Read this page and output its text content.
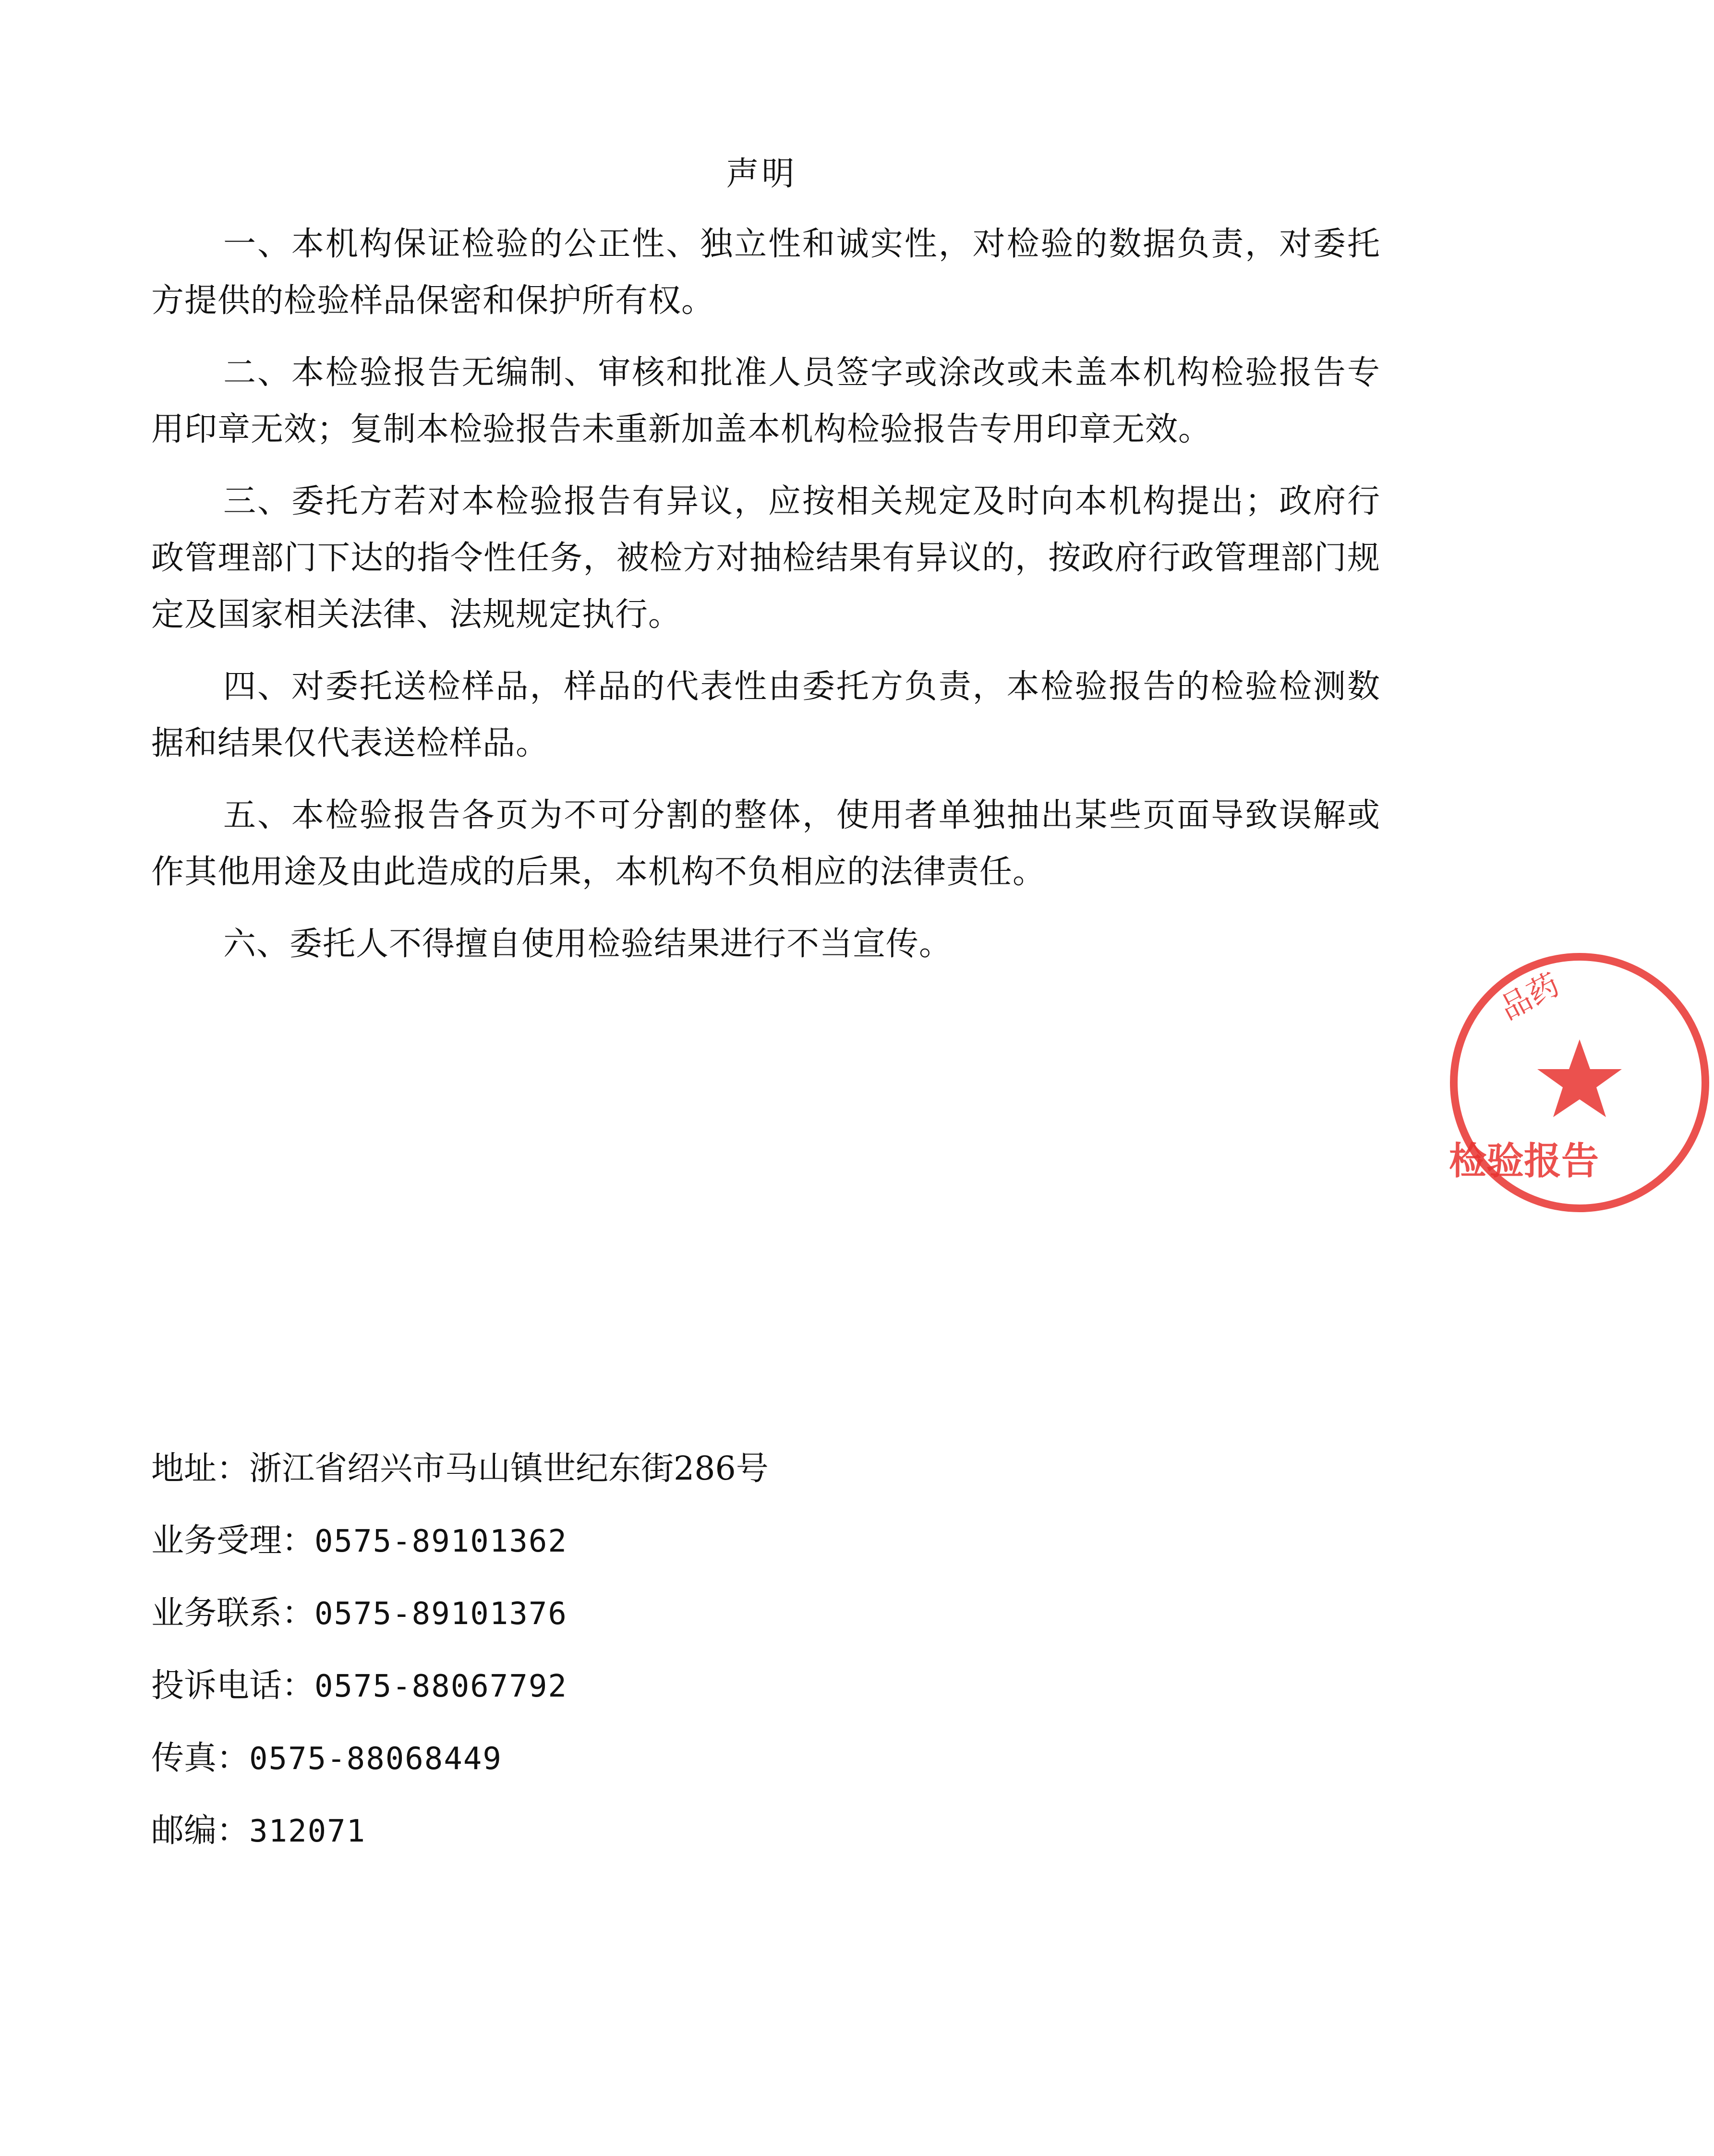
声明

一、本机构保证检验的公正性、独立性和诚实性，对检验的数据负责，对委托方提供的检验样品保密和保护所有权。

二、本检验报告无编制、审核和批准人员签字或涂改或未盖本机构检验报告专用印章无效；复制本检验报告未重新加盖本机构检验报告专用印章无效。

三、委托方若对本检验报告有异议，应按相关规定及时向本机构提出；政府行政管理部门下达的指令性任务，被检方对抽检结果有异议的，按政府行政管理部门规定及国家相关法律、法规规定执行。

四、对委托送检样品，样品的代表性由委托方负责，本检验报告的检验检测数据和结果仅代表送检样品。

五、本检验报告各页为不可分割的整体，使用者单独抽出某些页面导致误解或作其他用途及由此造成的后果，本机构不负相应的法律责任。

六、委托人不得擅自使用检验结果进行不当宣传。

地址：浙江省绍兴市马山镇世纪东街286号
业务受理：0575-89101362
业务联系：0575-89101376
投诉电话：0575-88067792
传真：0575-88068449
邮编：312071
品药
检验报告
